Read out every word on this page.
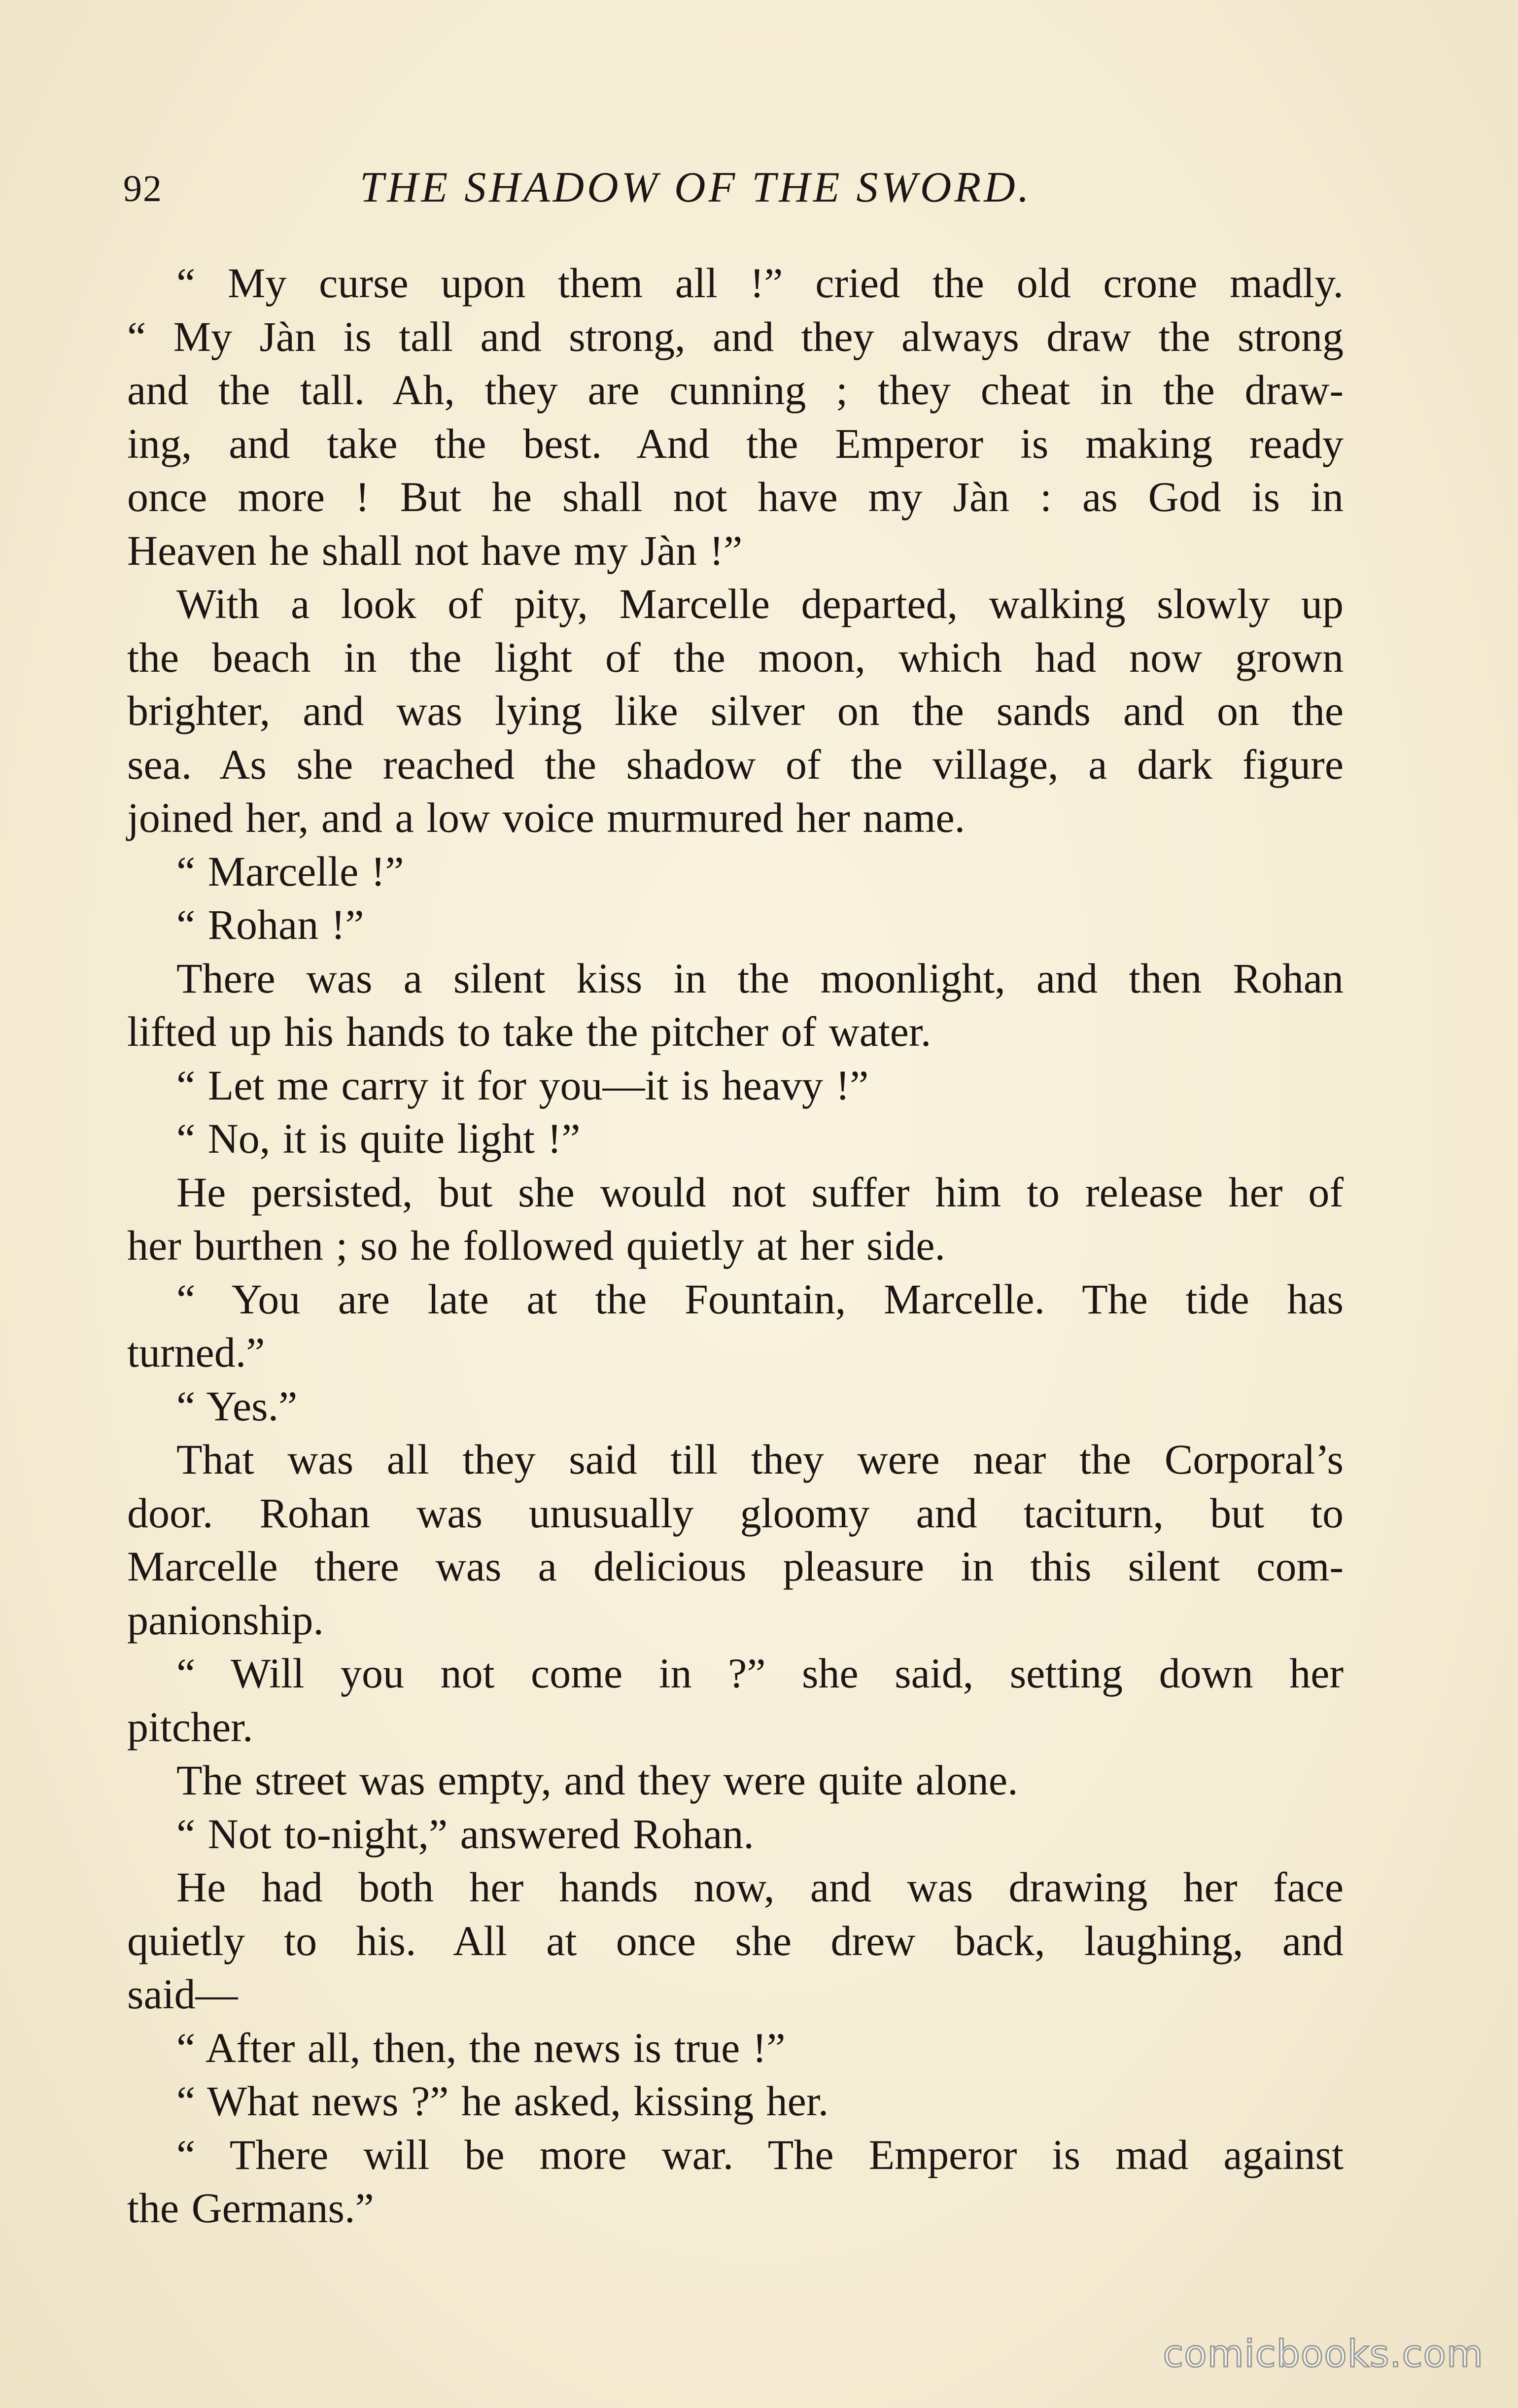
92	THE SHADOW OF THE SWORD.
“ My curse upon them all !” cried the old crone madly.
“ My Jàn is tall and strong, and they always draw the strong
and the tall. Ah, they are cunning ; they cheat in the draw-
ing, and take the best. And the Emperor is making ready
once more ! But he shall not have my Jàn : as God is in
Heaven he shall not have my Jàn !”
With a look of pity, Marcelle departed, walking slowly up
the beach in the light of the moon, which had now grown
brighter, and was lying like silver on the sands and on the
sea. As she reached the shadow of the village, a dark figure
joined her, and a low voice murmured her name.
“ Marcelle !”
“ Rohan !”
There was a silent kiss in the moonlight, and then Rohan
lifted up his hands to take the pitcher of water.
“ Let me carry it for you—it is heavy !”
“ No, it is quite light !”
He persisted, but she would not suffer him to release her of
her burthen ; so he followed quietly at her side.
“ You are late at the Fountain, Marcelle. The tide has
turned.”
“ Yes.”
That was all they said till they were near the Corporal’s
door. Rohan was unusually gloomy and taciturn, but to
Marcelle there was a delicious pleasure in this silent com-
panionship.
“ Will you not come in ?” she said, setting down her
pitcher.
The street was empty, and they were quite alone.
“ Not to-night,” answered Rohan.
He had both her hands now, and was drawing her face
quietly to his. All at once she drew back, laughing, and
said—
“ After all, then, the news is true !”
“ What news ?” he asked, kissing her.
“ There will be more war. The Emperor is mad against
the Germans.”
comicbooks.com
